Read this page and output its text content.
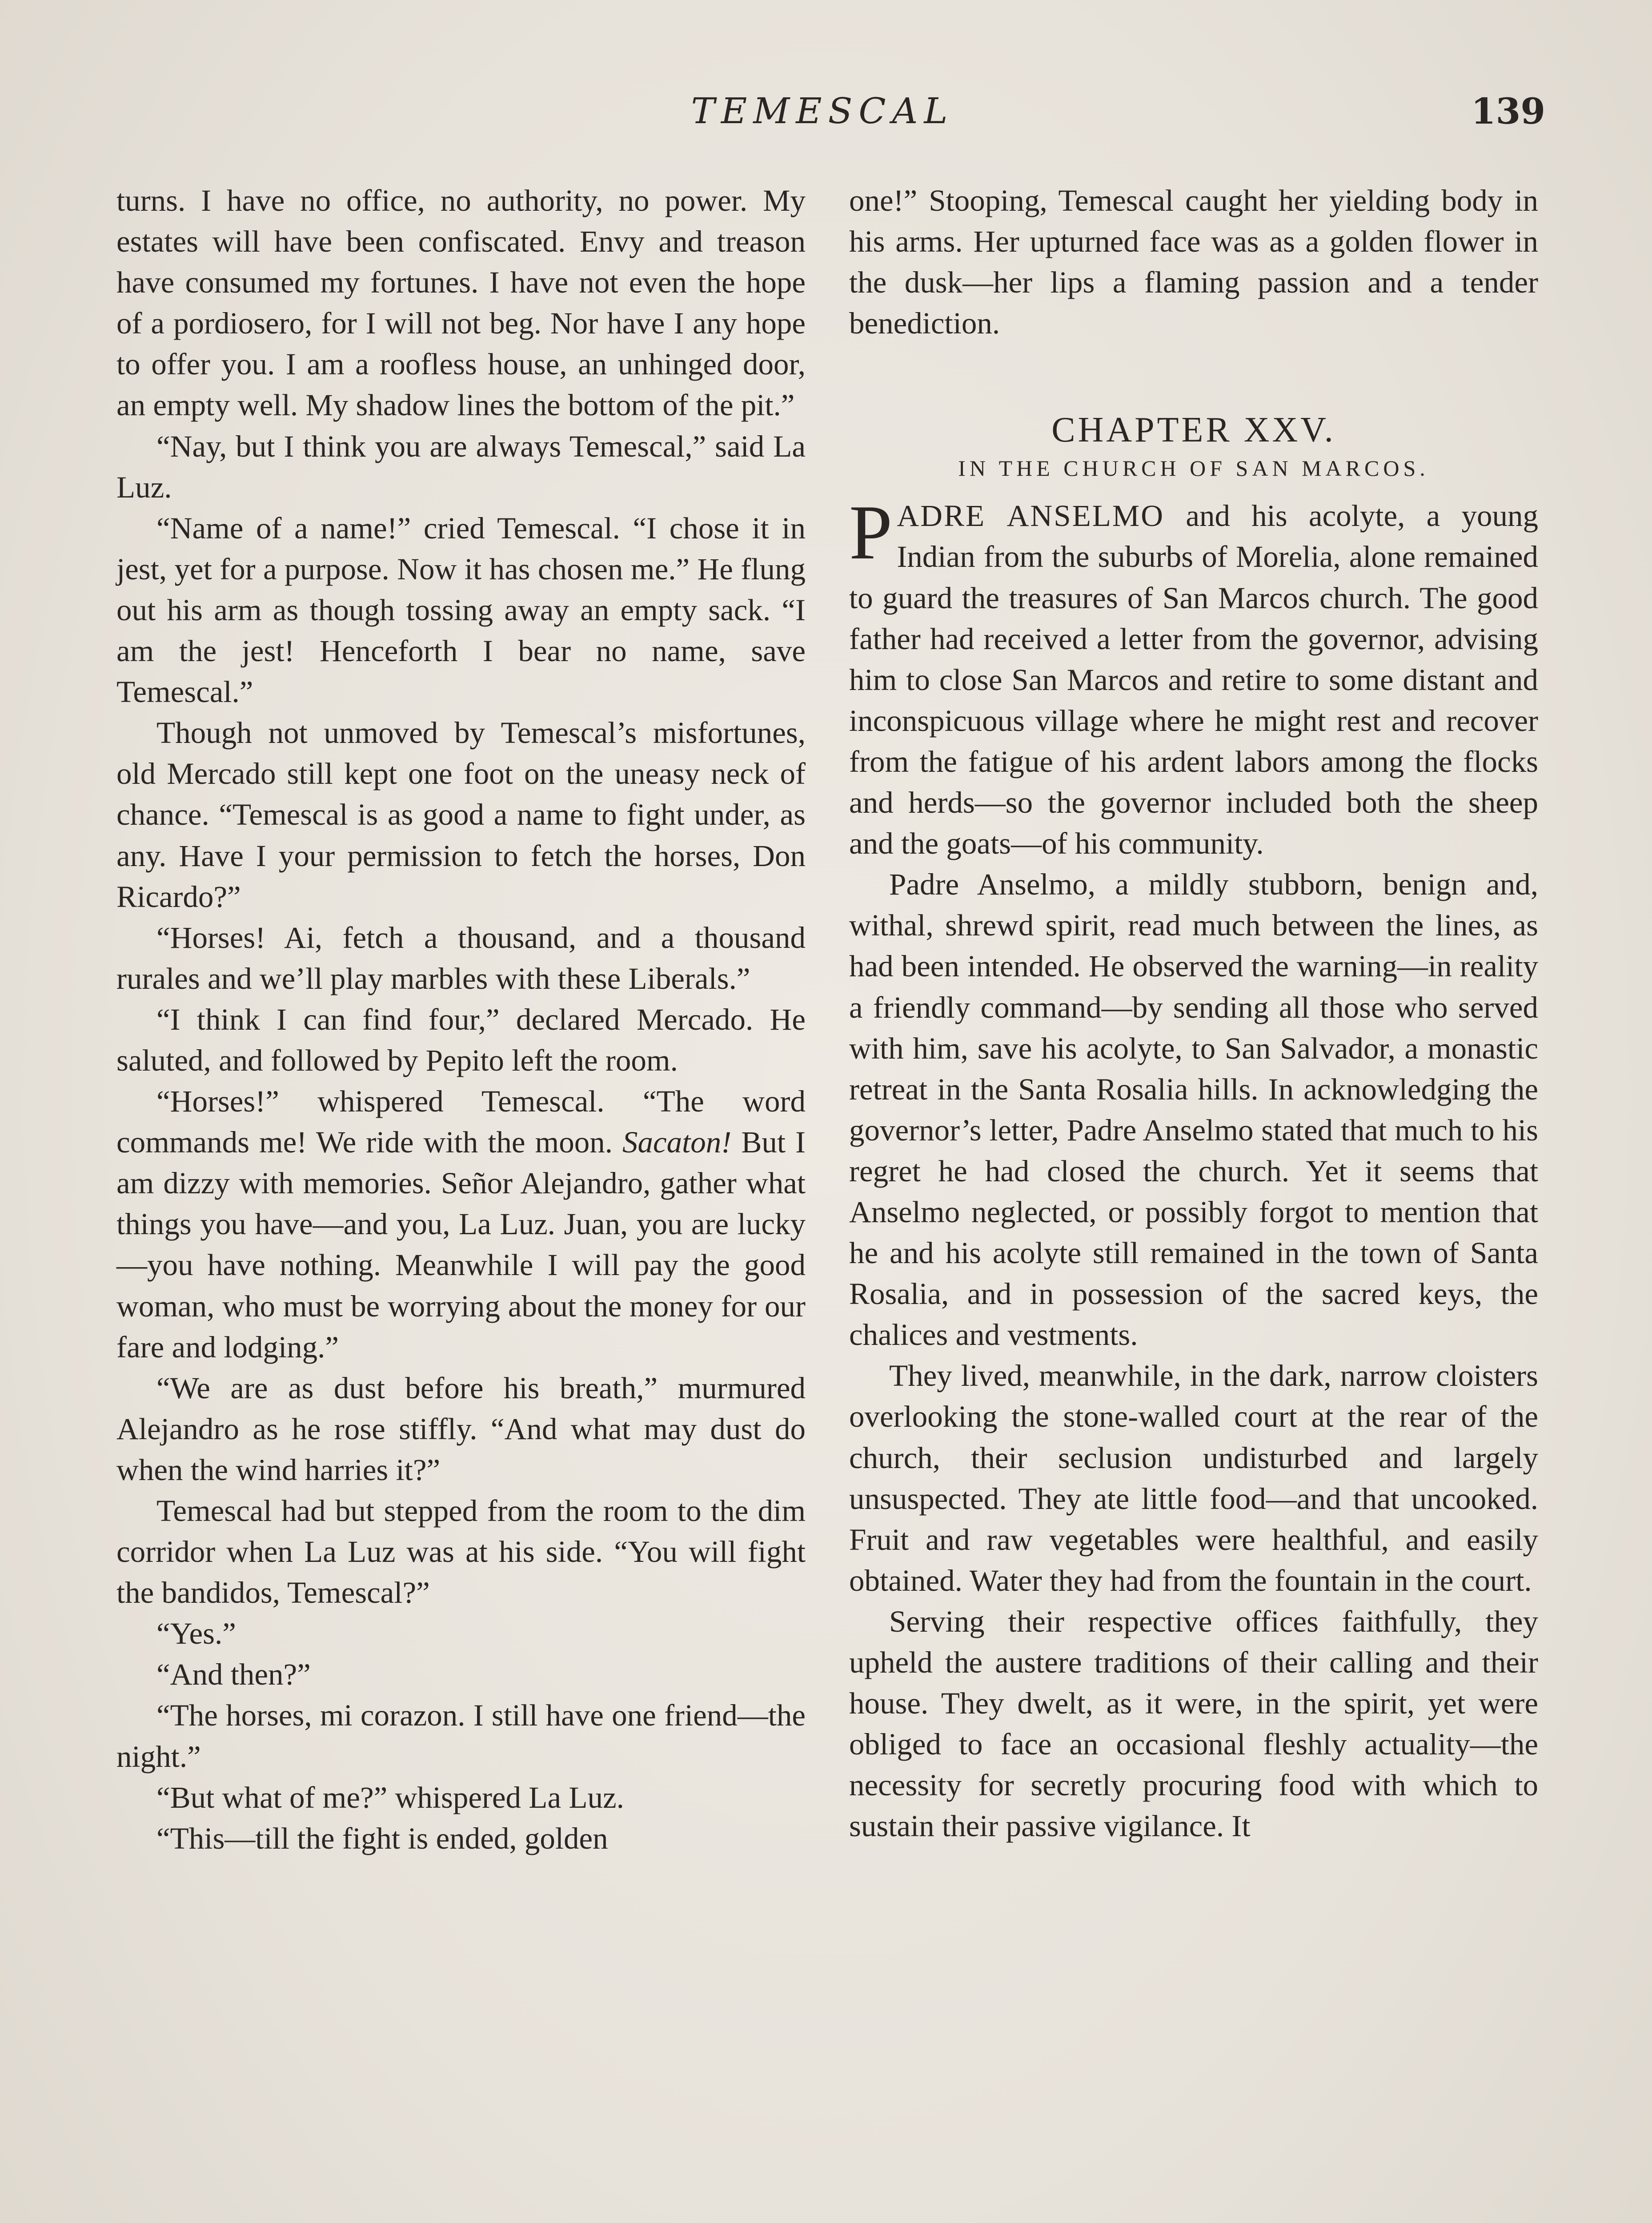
TEMESCAL	139

turns. I have no office, no authority, no power. My estates will have been confiscated. Envy and treason have consumed my fortunes. I have not even the hope of a pordiosero, for I will not beg. Nor have I any hope to offer you. I am a roofless house, an unhinged door, an empty well. My shadow lines the bottom of the pit.”

“Nay, but I think you are always Temescal,” said La Luz.

“Name of a name!” cried Temescal. “I chose it in jest, yet for a purpose. Now it has chosen me.” He flung out his arm as though tossing away an empty sack. “I am the jest! Henceforth I bear no name, save Temescal.”

Though not unmoved by Temescal’s misfortunes, old Mercado still kept one foot on the uneasy neck of chance. “Temescal is as good a name to fight under, as any. Have I your permission to fetch the horses, Don Ricardo?”

“Horses! Ai, fetch a thousand, and a thousand rurales and we’ll play marbles with these Liberals.”

“I think I can find four,” declared Mercado. He saluted, and followed by Pepito left the room.

“Horses!” whispered Temescal. “The word commands me! We ride with the moon. Sacaton! But I am dizzy with memories. Señor Alejandro, gather what things you have—and you, La Luz. Juan, you are lucky—you have nothing. Meanwhile I will pay the good woman, who must be worrying about the money for our fare and lodging.”

“We are as dust before his breath,” murmured Alejandro as he rose stiffly. “And what may dust do when the wind harries it?”

Temescal had but stepped from the room to the dim corridor when La Luz was at his side. “You will fight the bandidos, Temescal?”

“Yes.”

“And then?”

“The horses, mi corazon. I still have one friend—the night.”

“But what of me?” whispered La Luz.

“This—till the fight is ended, golden

one!” Stooping, Temescal caught her yielding body in his arms. Her upturned face was as a golden flower in the dusk—her lips a flaming passion and a tender benediction.

CHAPTER XXV.
IN THE CHURCH OF SAN MARCOS.

PADRE ANSELMO and his acolyte, a young Indian from the suburbs of Morelia, alone remained to guard the treasures of San Marcos church. The good father had received a letter from the governor, advising him to close San Marcos and retire to some distant and inconspicuous village where he might rest and recover from the fatigue of his ardent labors among the flocks and herds—so the governor included both the sheep and the goats—of his community.

Padre Anselmo, a mildly stubborn, benign and, withal, shrewd spirit, read much between the lines, as had been intended. He observed the warning—in reality a friendly command—by sending all those who served with him, save his acolyte, to San Salvador, a monastic retreat in the Santa Rosalia hills. In acknowledging the governor’s letter, Padre Anselmo stated that much to his regret he had closed the church. Yet it seems that Anselmo neglected, or possibly forgot to mention that he and his acolyte still remained in the town of Santa Rosalia, and in possession of the sacred keys, the chalices and vestments.

They lived, meanwhile, in the dark, narrow cloisters overlooking the stone-walled court at the rear of the church, their seclusion undisturbed and largely unsuspected. They ate little food—and that uncooked. Fruit and raw vegetables were healthful, and easily obtained. Water they had from the fountain in the court.

Serving their respective offices faithfully, they upheld the austere traditions of their calling and their house. They dwelt, as it were, in the spirit, yet were obliged to face an occasional fleshly actuality—the necessity for secretly procuring food with which to sustain their passive vigilance. It
